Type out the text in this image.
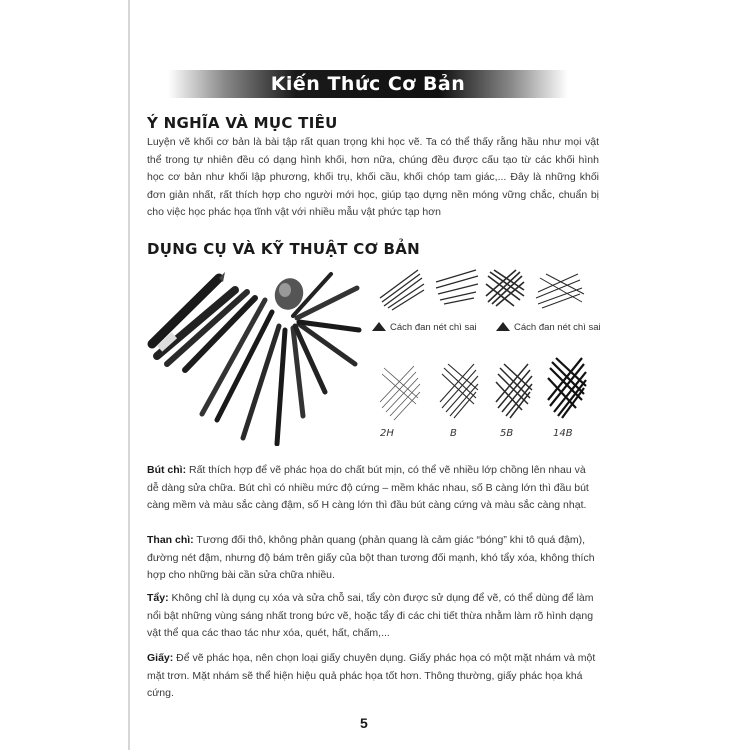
Kiến Thức Cơ Bản
Ý NGHĨA VÀ MỤC TIÊU
Luyện vẽ khối cơ bản là bài tập rất quan trọng khi học vẽ. Ta có thể thấy rằng hầu như mọi vật thể trong tự nhiên đều có dạng hình khối, hơn nữa, chúng đều được cấu tạo từ các khối hình học cơ bản như khối lập phương, khối trụ, khối cầu, khối chóp tam giác,... Đây là những khối đơn giản nhất, rất thích hợp cho người mới học, giúp tạo dựng nền móng vững chắc, chuẩn bị cho việc học phác họa tĩnh vật với nhiều mẫu vật phức tạp hơn
DỤNG CỤ VÀ KỸ THUẬT CƠ BẢN
Cách đan nét chì sai	Cách đan nét chì sai
2H	B	5B	14B
Bút chì: Rất thích hợp để vẽ phác họa do chất bút mịn, có thể vẽ nhiều lớp chồng lên nhau và dễ dàng sửa chữa. Bút chì có nhiều mức độ cứng – mềm khác nhau, số B càng lớn thì đầu bút càng mềm và màu sắc càng đậm, số H càng lớn thì đầu bút càng cứng và màu sắc càng nhạt.
Than chì: Tương đối thô, không phản quang (phản quang là cảm giác “bóng” khi tô quá đậm), đường nét đậm, nhưng độ bám trên giấy của bột than tương đối mạnh, khó tẩy xóa, không thích hợp cho những bài cần sửa chữa nhiều.
Tẩy: Không chỉ là dụng cụ xóa và sửa chỗ sai, tẩy còn được sử dụng để vẽ, có thể dùng để làm nổi bật những vùng sáng nhất trong bức vẽ, hoặc tẩy đi các chi tiết thừa nhằm làm rõ hình dạng vật thể qua các thao tác như xóa, quét, hất, chấm,...
Giấy: Để vẽ phác họa, nên chọn loại giấy chuyên dụng. Giấy phác họa có một mặt nhám và một mặt trơn. Mặt nhám sẽ thể hiện hiệu quả phác họa tốt hơn. Thông thường, giấy phác họa khá cứng.
5
